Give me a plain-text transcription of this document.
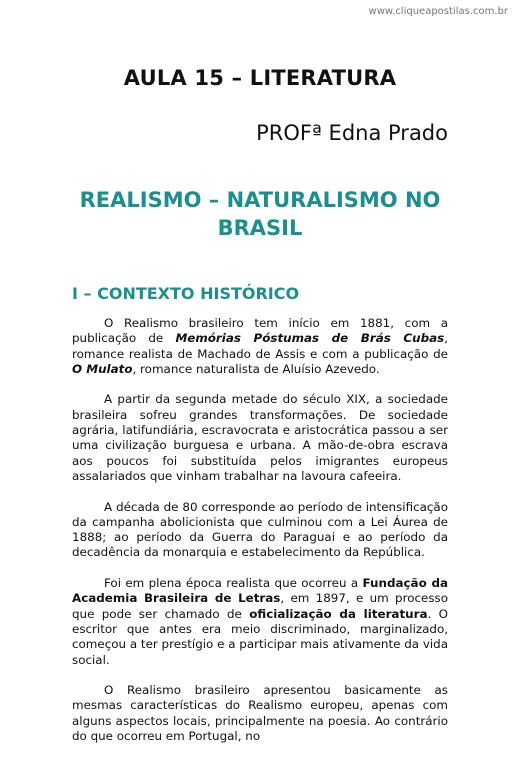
www.cliqueapostilas.com.br
AULA 15 – LITERATURA
PROFª Edna Prado
REALISMO – NATURALISMO NO BRASIL
I – CONTEXTO HISTÓRICO

O Realismo brasileiro tem início em 1881, com a publicação de Memórias Póstumas de Brás Cubas, romance realista de Machado de Assis e com a publicação de O Mulato, romance naturalista de Aluísio Azevedo.

A partir da segunda metade do século XIX, a sociedade brasileira sofreu grandes transformações. De sociedade agrária, latifundiária, escravocrata e aristocrática passou a ser uma civilização burguesa e urbana. A mão-de-obra escrava aos poucos foi substituída pelos imigrantes europeus assalariados que vinham trabalhar na lavoura cafeeira.

A década de 80 corresponde ao período de intensificação da campanha abolicionista que culminou com a Lei Áurea de 1888; ao período da Guerra do Paraguai e ao período da decadência da monarquia e estabelecimento da República.

Foi em plena época realista que ocorreu a Fundação da Academia Brasileira de Letras, em 1897, e um processo que pode ser chamado de oficialização da literatura. O escritor que antes era meio discriminado, marginalizado, começou a ter prestígio e a participar mais ativamente da vida social.

O Realismo brasileiro apresentou basicamente as mesmas características do Realismo europeu, apenas com alguns aspectos locais, principalmente na poesia. Ao contrário do que ocorreu em Portugal, no
